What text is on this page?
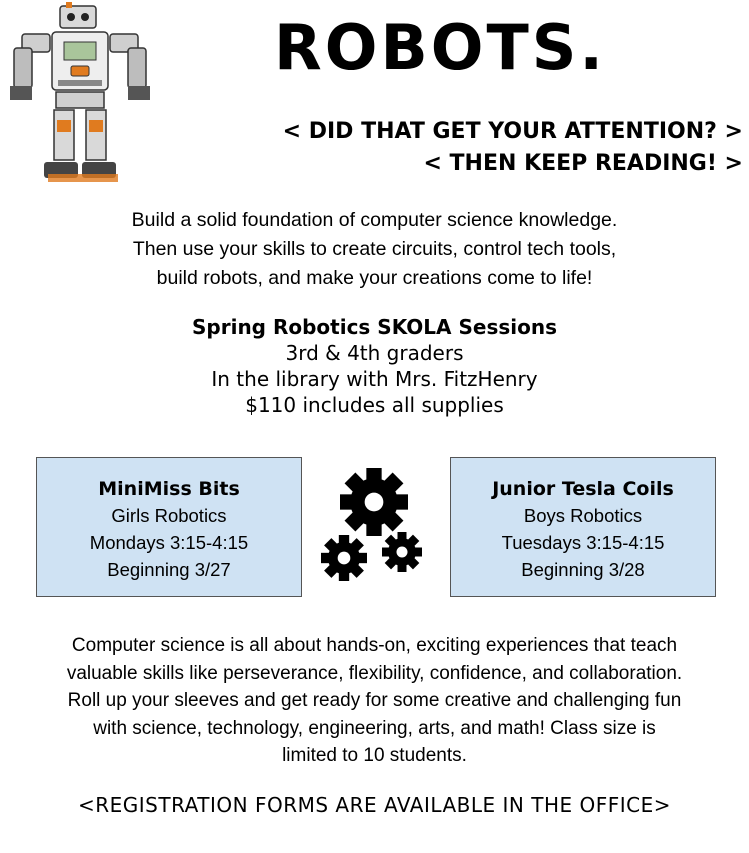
ROBOTS.
< DID THAT GET YOUR ATTENTION? >
< THEN KEEP READING! >
Build a solid foundation of computer science knowledge.
Then use your skills to create circuits, control tech tools,
build robots, and make your creations come to life!
Spring Robotics SKOLA Sessions
3rd & 4th graders
In the library with Mrs. FitzHenry
$110 includes all supplies
MiniMiss Bits
Girls Robotics
Mondays 3:15-4:15
Beginning 3/27
Junior Tesla Coils
Boys Robotics
Tuesdays 3:15-4:15
Beginning 3/28
Computer science is all about hands-on, exciting experiences that teach
valuable skills like perseverance, flexibility, confidence, and collaboration.
Roll up your sleeves and get ready for some creative and challenging fun
with science, technology, engineering, arts, and math! Class size is
limited to 10 students.
<REGISTRATION FORMS ARE AVAILABLE IN THE OFFICE>
